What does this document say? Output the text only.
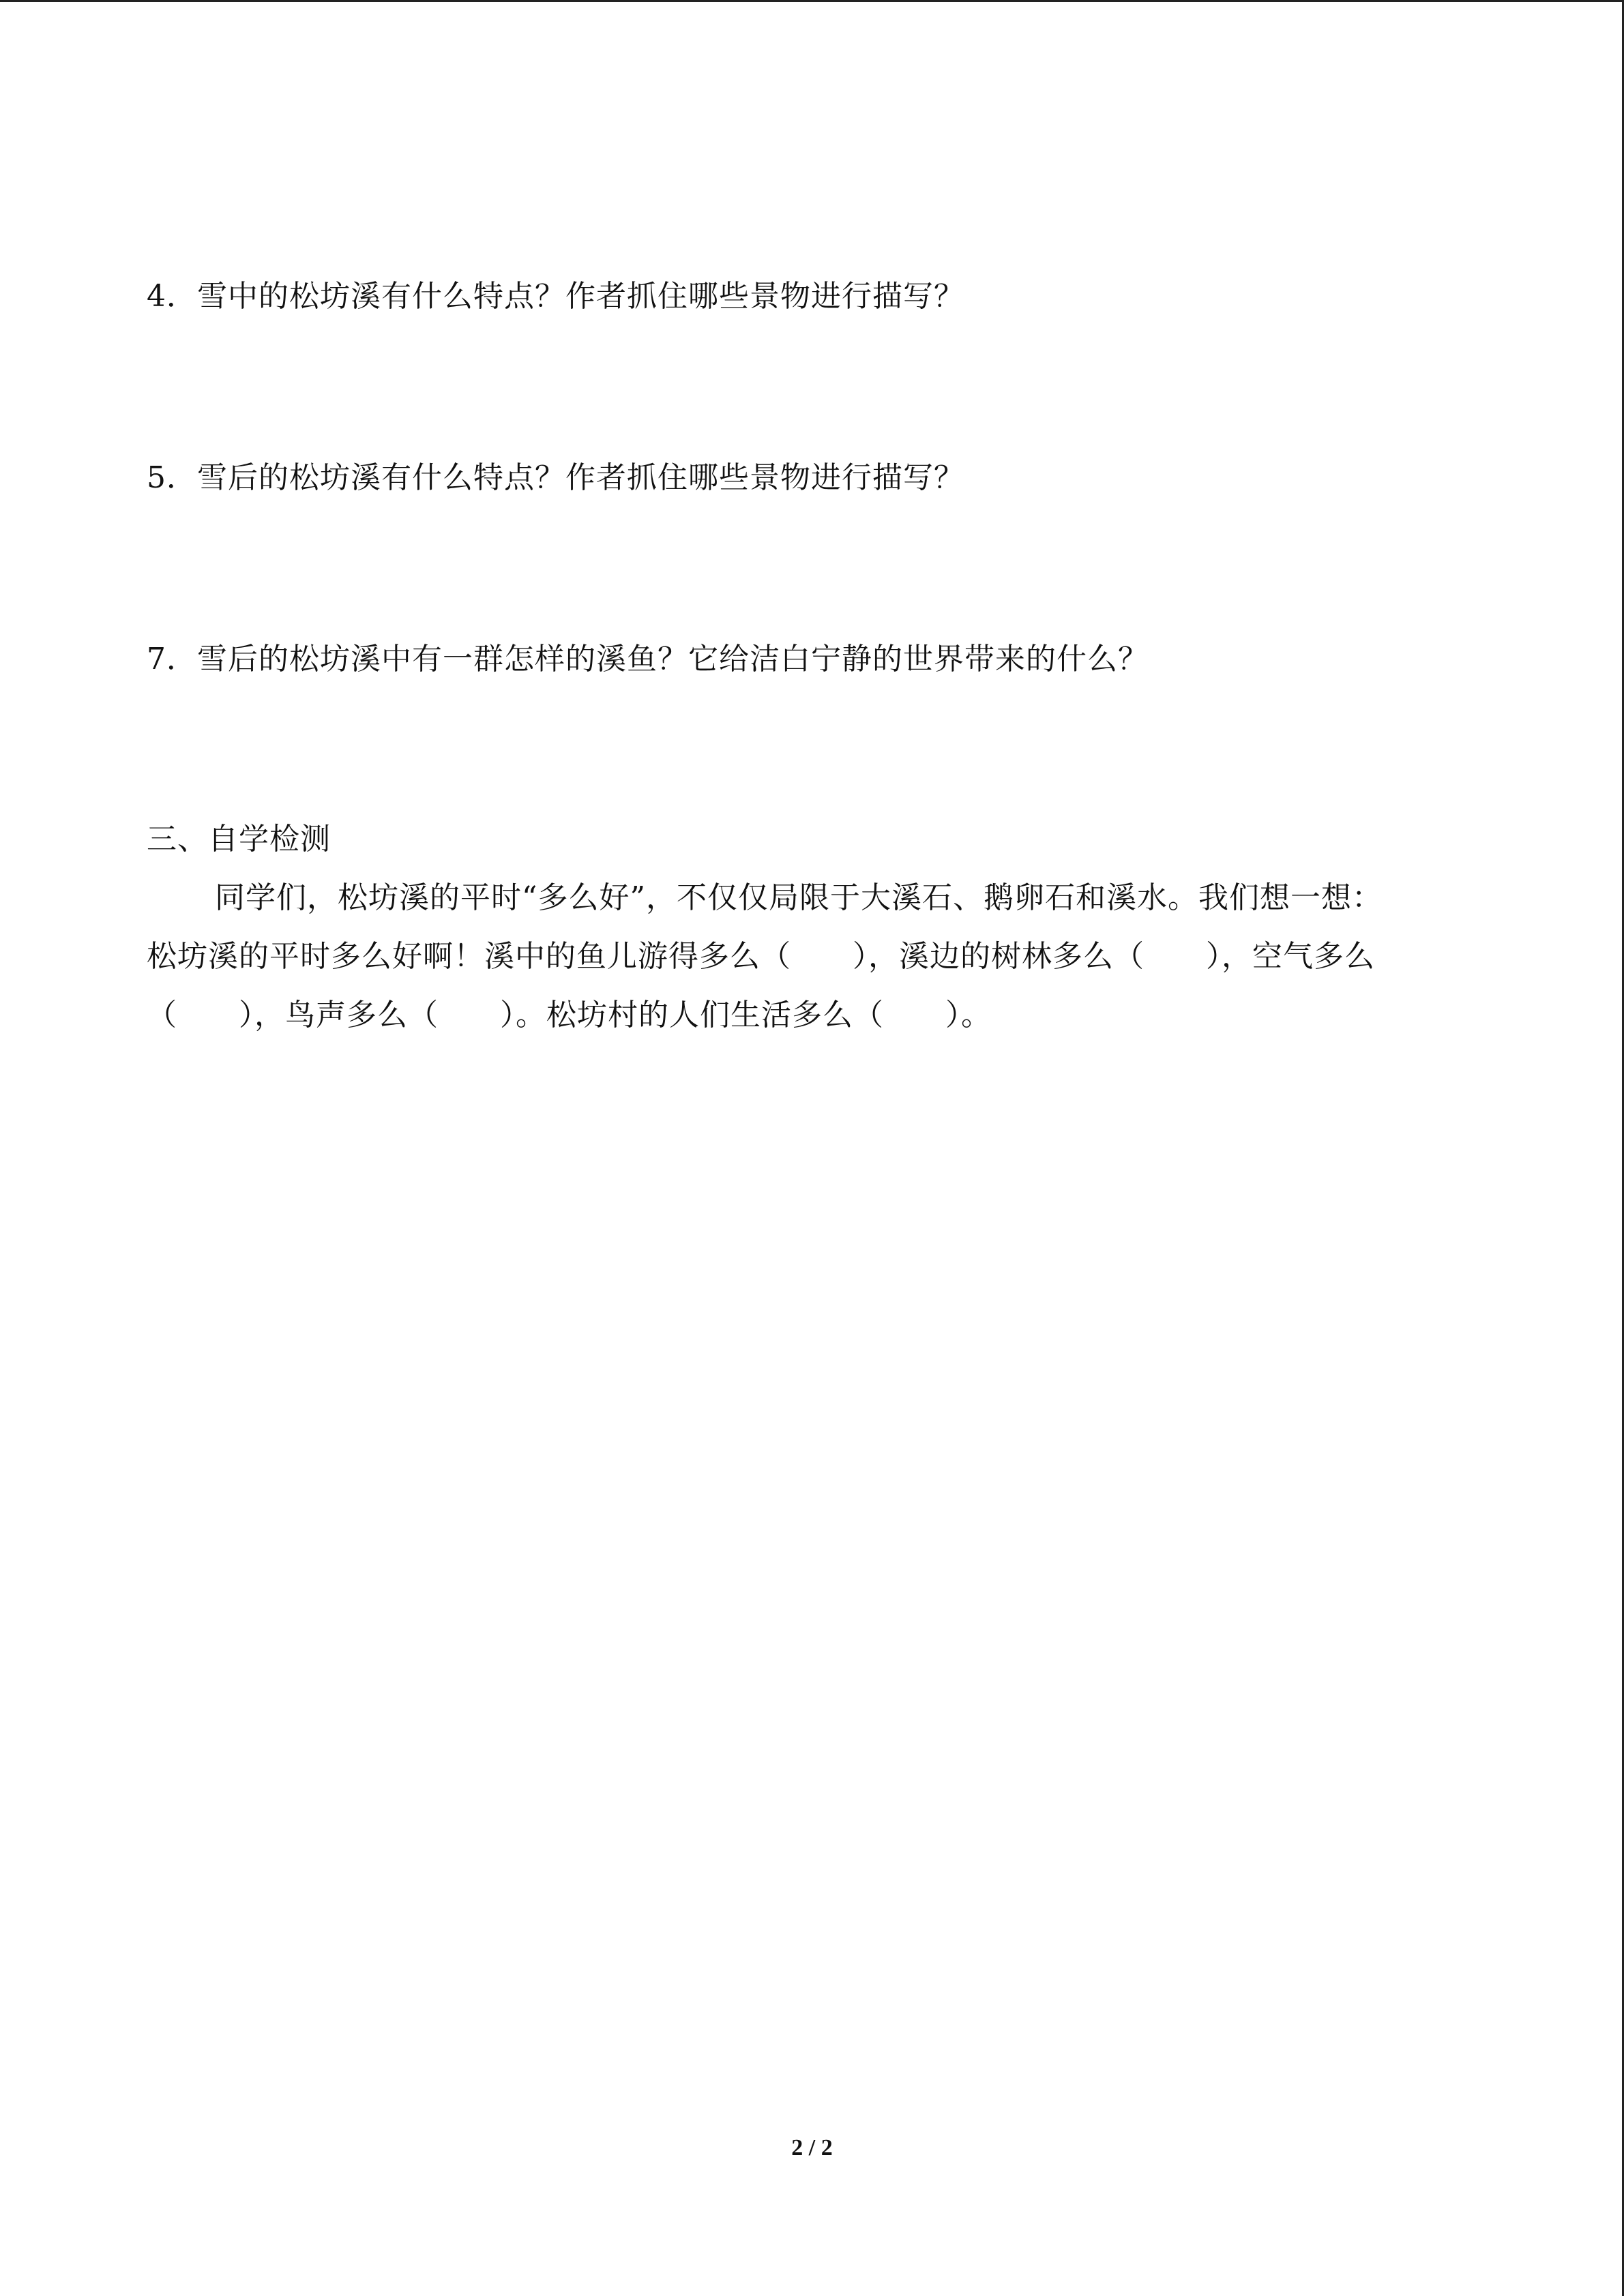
4．雪中的松坊溪有什么特点？作者抓住哪些景物进行描写？
5．雪后的松坊溪有什么特点？作者抓住哪些景物进行描写？
7．雪后的松坊溪中有一群怎样的溪鱼？它给洁白宁静的世界带来的什么？
三、自学检测
同学们，松坊溪的平时“多么好”，不仅仅局限于大溪石、鹅卵石和溪水。我们想一想：
松坊溪的平时多么好啊！溪中的鱼儿游得多么（　　），溪边的树林多么（　　），空气多么
（　　），鸟声多么（　　）。松坊村的人们生活多么（　　）。
2 / 2
